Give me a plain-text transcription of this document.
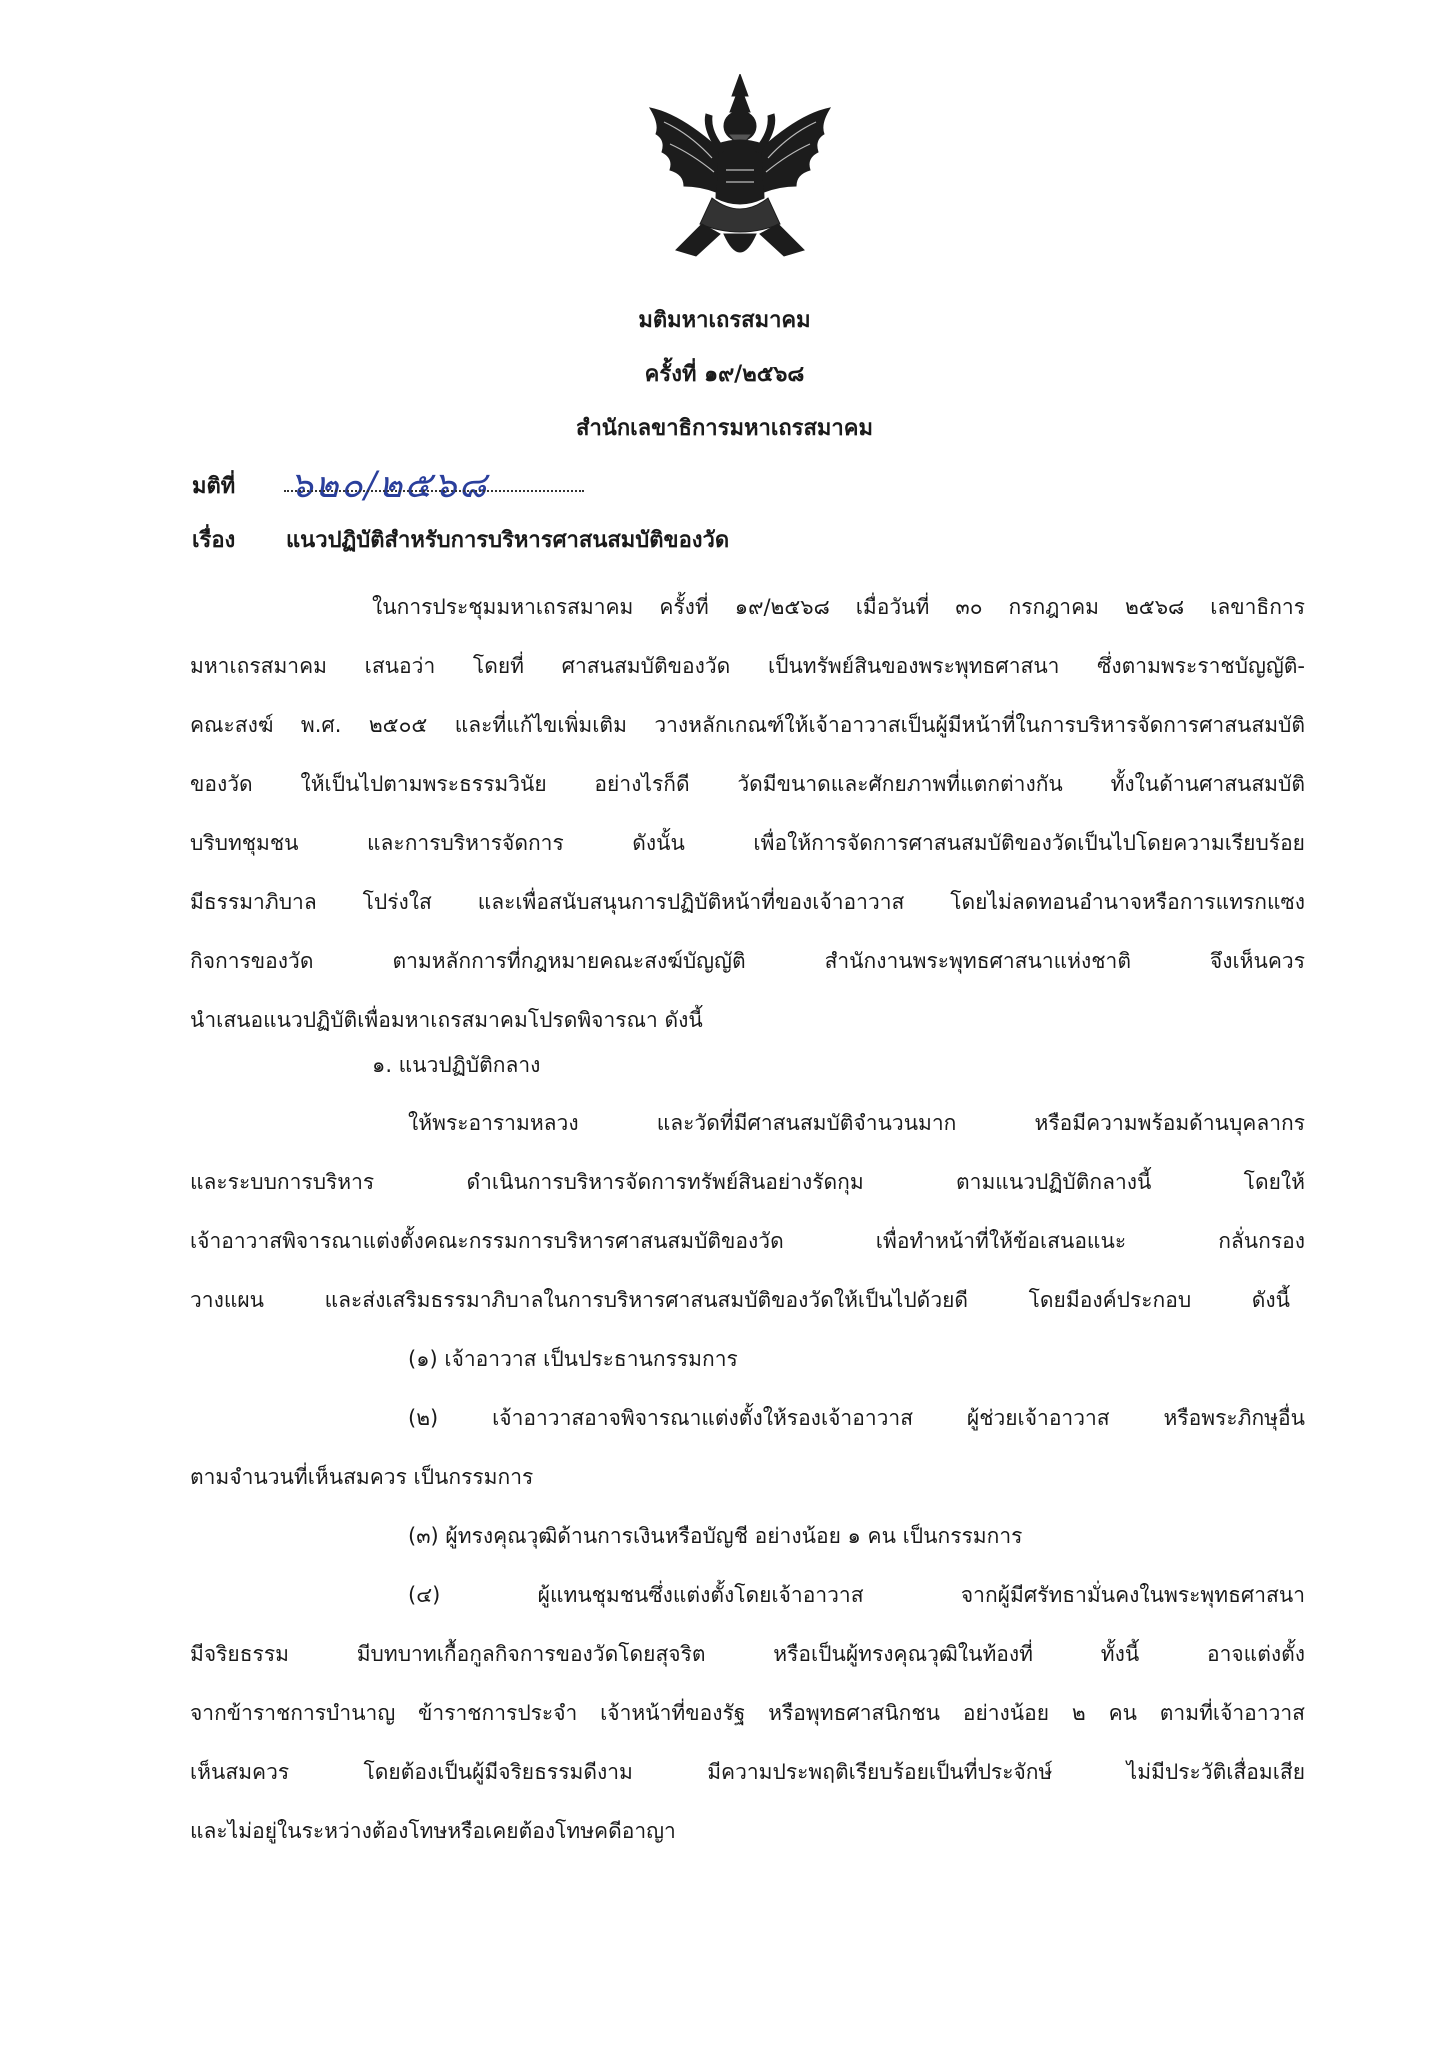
มติมหาเถรสมาคม
ครั้งที่ ๑๙/๒๕๖๘
สำนักเลขาธิการมหาเถรสมาคม
มติที่ ๖๒๐/๒๕๖๘
เรื่อง แนวปฏิบัติสำหรับการบริหารศาสนสมบัติของวัด
ในการประชุมมหาเถรสมาคม ครั้งที่ ๑๙/๒๕๖๘ เมื่อวันที่ ๓๐ กรกฎาคม ๒๕๖๘ เลขาธิการ
มหาเถรสมาคม เสนอว่า โดยที่ ศาสนสมบัติของวัด เป็นทรัพย์สินของพระพุทธศาสนา ซึ่งตามพระราชบัญญัติ-
คณะสงฆ์ พ.ศ. ๒๕๐๕ และที่แก้ไขเพิ่มเติม วางหลักเกณฑ์ให้เจ้าอาวาสเป็นผู้มีหน้าที่ในการบริหารจัดการศาสนสมบัติ
ของวัด ให้เป็นไปตามพระธรรมวินัย อย่างไรก็ดี วัดมีขนาดและศักยภาพที่แตกต่างกัน ทั้งในด้านศาสนสมบัติ
บริบทชุมชน และการบริหารจัดการ ดังนั้น เพื่อให้การจัดการศาสนสมบัติของวัดเป็นไปโดยความเรียบร้อย
มีธรรมาภิบาล โปร่งใส และเพื่อสนับสนุนการปฏิบัติหน้าที่ของเจ้าอาวาส โดยไม่ลดทอนอำนาจหรือการแทรกแซง
กิจการของวัด ตามหลักการที่กฎหมายคณะสงฆ์บัญญัติ สำนักงานพระพุทธศาสนาแห่งชาติ จึงเห็นควร
นำเสนอแนวปฏิบัติเพื่อมหาเถรสมาคมโปรดพิจารณา ดังนี้
๑. แนวปฏิบัติกลาง
ให้พระอารามหลวง และวัดที่มีศาสนสมบัติจำนวนมาก หรือมีความพร้อมด้านบุคลากร
และระบบการบริหาร ดำเนินการบริหารจัดการทรัพย์สินอย่างรัดกุม ตามแนวปฏิบัติกลางนี้ โดยให้
เจ้าอาวาสพิจารณาแต่งตั้งคณะกรรมการบริหารศาสนสมบัติของวัด เพื่อทำหน้าที่ให้ข้อเสนอแนะ กลั่นกรอง
วางแผน และส่งเสริมธรรมาภิบาลในการบริหารศาสนสมบัติของวัดให้เป็นไปด้วยดี โดยมีองค์ประกอบ ดังนี้
(๑) เจ้าอาวาส เป็นประธานกรรมการ
(๒) เจ้าอาวาสอาจพิจารณาแต่งตั้งให้รองเจ้าอาวาส ผู้ช่วยเจ้าอาวาส หรือพระภิกษุอื่น
ตามจำนวนที่เห็นสมควร เป็นกรรมการ
(๓) ผู้ทรงคุณวุฒิด้านการเงินหรือบัญชี อย่างน้อย ๑ คน เป็นกรรมการ
(๔) ผู้แทนชุมชนซึ่งแต่งตั้งโดยเจ้าอาวาส จากผู้มีศรัทธามั่นคงในพระพุทธศาสนา
มีจริยธรรม มีบทบาทเกื้อกูลกิจการของวัดโดยสุจริต หรือเป็นผู้ทรงคุณวุฒิในท้องที่ ทั้งนี้ อาจแต่งตั้ง
จากข้าราชการบำนาญ ข้าราชการประจำ เจ้าหน้าที่ของรัฐ หรือพุทธศาสนิกชน อย่างน้อย ๒ คน ตามที่เจ้าอาวาส
เห็นสมควร โดยต้องเป็นผู้มีจริยธรรมดีงาม มีความประพฤติเรียบร้อยเป็นที่ประจักษ์ ไม่มีประวัติเสื่อมเสีย
และไม่อยู่ในระหว่างต้องโทษหรือเคยต้องโทษคดีอาญา
